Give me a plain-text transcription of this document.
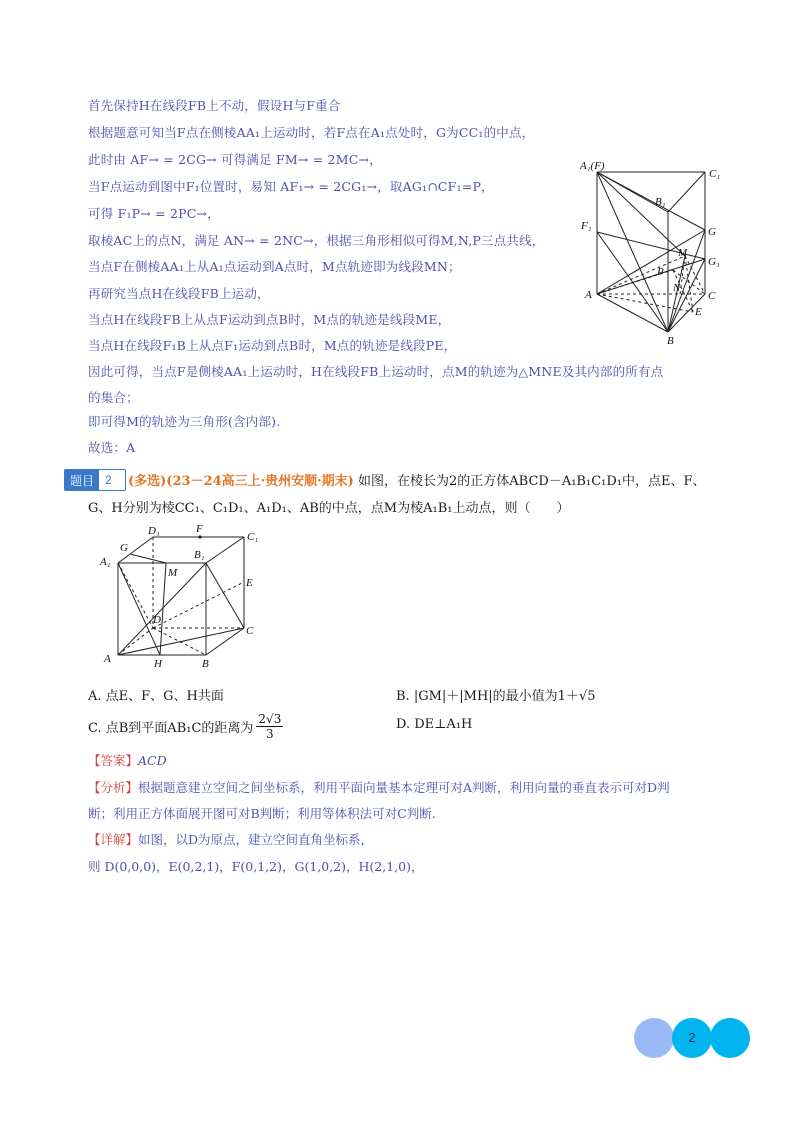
首先保持H在线段FB上不动，假设H与F重合
根据题意可知当F点在侧棱AA₁上运动时，若F点在A₁点处时，G为CC₁的中点，
此时由 AF→ = 2CG→ 可得满足 FM→ = 2MC→，
当F点运动到图中F₁位置时，易知 AF₁→ = 2CG₁→，取AG₁∩CF₁=P，
可得 F₁P→ = 2PC→，
取棱AC上的点N，满足 AN→ = 2NC→，根据三角形相似可得M,N,P三点共线，
当点F在侧棱AA₁上从A₁点运动到A点时，M点轨迹即为线段MN；
再研究当点H在线段FB上运动，
当点H在线段FB上从点F运动到点B时，M点的轨迹是线段ME，
当点H在线段F₁B上从点F₁运动到点B时，M点的轨迹是线段PE，
因此可得，当点F是侧棱AA₁上运动时，H在线段FB上运动时，点M的轨迹为△MNE及其内部的所有点
的集合；
即可得M的轨迹为三角形(含内部).
故选：A
A₁(F)
C₁
B₁
F₁	G
M
P
G₁
N
A	C
E
B
题目 2	(多选)(23－24高三上·贵州安顺·期末) 如图，在棱长为2的正方体ABCD－A₁B₁C₁D₁中，点E、F、
G、H分别为棱CC₁、C₁D₁、A₁D₁、AB的中点，点M为棱A₁B₁上动点，则（　　）
D₁	F
C₁
G
B₁
A₁
M
E
D
C
A	H	B
A. 点E、F、G、H共面	B. |GM|＋|MH|的最小值为1＋√5
C. 点B到平面AB₁C的距离为 $\frac{2√3}{3}$	D. DE⊥A₁H
【答案】ACD
【分析】根据题意建立空间之间坐标系，利用平面向量基本定理可对A判断，利用向量的垂直表示可对D判
断；利用正方体面展开图可对B判断；利用等体积法可对C判断.
【详解】如图，以D为原点，建立空间直角坐标系，
则 D(0,0,0)，E(0,2,1)，F(0,1,2)，G(1,0,2)，H(2,1,0)，
2
